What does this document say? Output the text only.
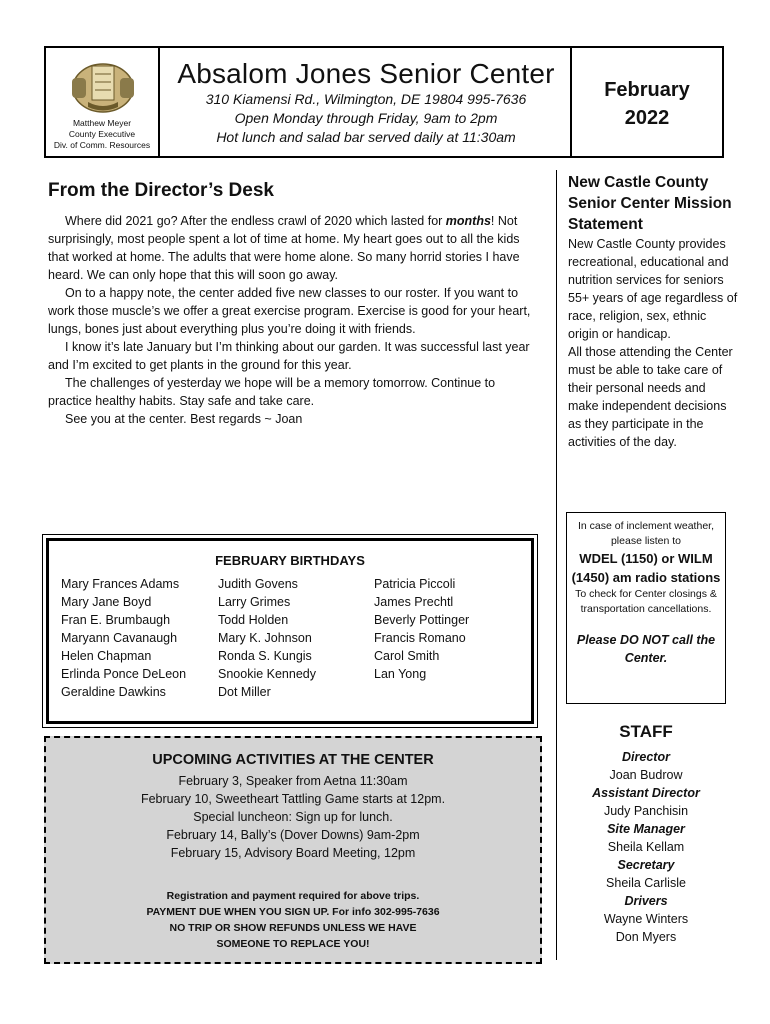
Matthew Meyer
County Executive
Div. of Comm. Resources
Absalom Jones Senior Center
310 Kiamensi Rd., Wilmington, DE 19804 995-7636
Open Monday through Friday, 9am to 2pm
Hot lunch and salad bar served daily at 11:30am
February
2022
From the Director’s Desk

Where did 2021 go? After the endless crawl of 2020 which lasted for months! Not surprisingly, most people spent a lot of time at home. My heart goes out to all the kids that worked at home. The adults that were home alone. So many horrid stories I have heard. We can only hope that this will soon go away.

On to a happy note, the center added five new classes to our roster. If you want to work those muscle’s we offer a great exercise program. Exercise is good for your heart, lungs, bones just about everything plus you’re doing it with friends.

I know it’s late January but I’m thinking about our garden. It was successful last year and I’m excited to get plants in the ground for this year.

The challenges of yesterday we hope will be a memory tomorrow. Continue to practice healthy habits. Stay safe and take care.

See you at the center. Best regards ~ Joan

FEBRUARY BIRTHDAYS
Mary Frances Adams
Mary Jane Boyd
Fran E. Brumbaugh
Maryann Cavanaugh
Helen Chapman
Erlinda Ponce DeLeon
Geraldine Dawkins
Judith Govens
Larry Grimes
Todd Holden
Mary K. Johnson
Ronda S. Kungis
Snookie Kennedy
Dot Miller
Patricia Piccoli
James Prechtl
Beverly Pottinger
Francis Romano
Carol Smith
Lan Yong
UPCOMING ACTIVITIES AT THE CENTER
February 3, Speaker from Aetna 11:30am
February 10, Sweetheart Tattling Game starts at 12pm.
Special luncheon: Sign up for lunch.
February 14, Bally’s (Dover Downs) 9am-2pm
February 15, Advisory Board Meeting, 12pm
Registration and payment required for above trips.
PAYMENT DUE WHEN YOU SIGN UP. For info 302-995-7636
NO TRIP OR SHOW REFUNDS UNLESS WE HAVE
SOMEONE TO REPLACE YOU!
New Castle County Senior Center Mission Statement
New Castle County provides recreational, educational and nutrition services for seniors 55+ years of age regardless of race, religion, sex, ethnic origin or handicap.
All those attending the Center must be able to take care of their personal needs and make independent decisions as they participate in the activities of the day.
In case of inclement weather, please listen to
WDEL (1150) or WILM (1450) am radio stations
To check for Center closings & transportation cancellations.
Please DO NOT call the Center.
STAFF
Director
Joan Budrow
Assistant Director
Judy Panchisin
Site Manager
Sheila Kellam
Secretary
Sheila Carlisle
Drivers
Wayne Winters
Don Myers
